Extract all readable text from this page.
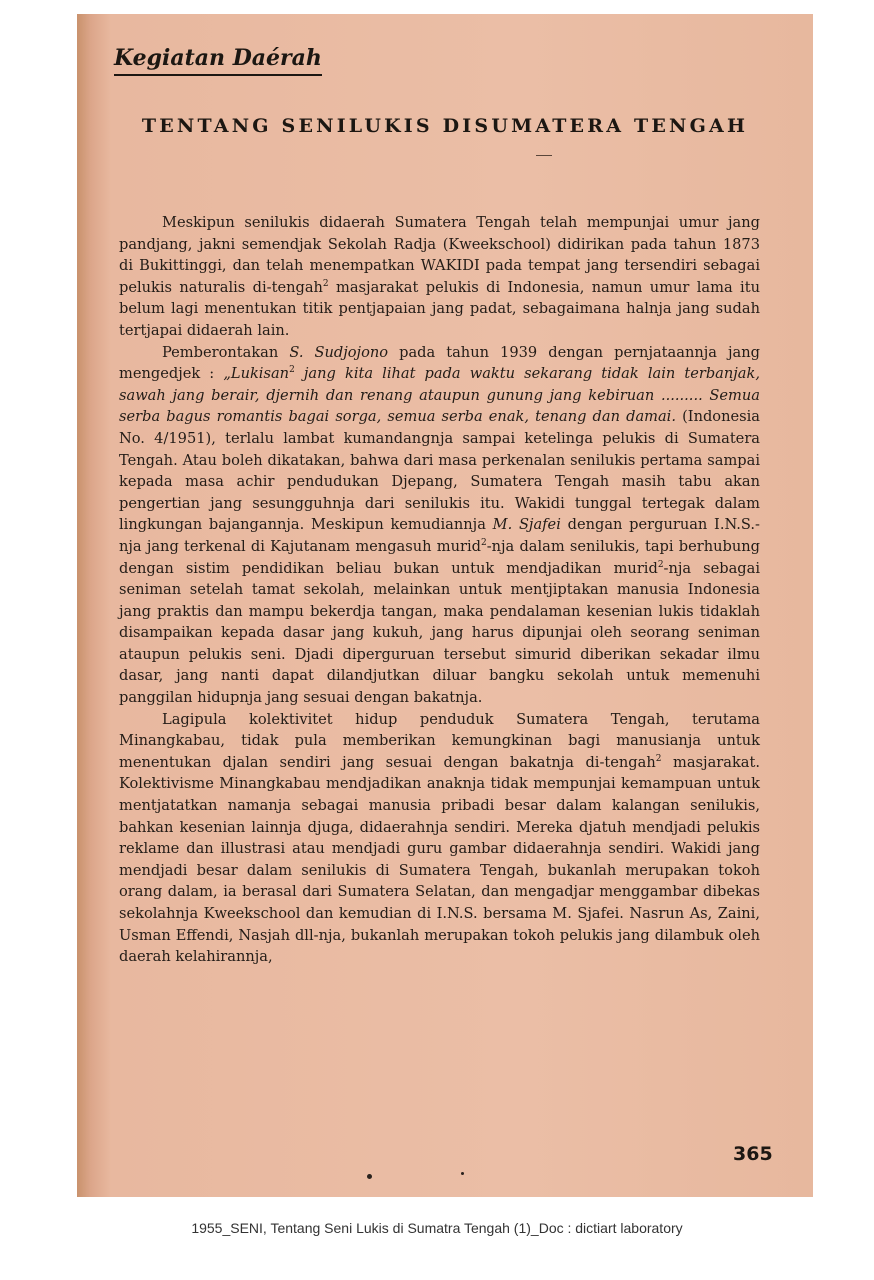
Kegiatan Daérah
TENTANG SENILUKIS DISUMATERA TENGAH

Meskipun senilukis didaerah Sumatera Tengah telah mempunjai umur jang pandjang, jakni semendjak Sekolah Radja (Kweekschool) didirikan pada tahun 1873 di Bukittinggi, dan telah menempatkan WAKIDI pada tempat jang tersendiri sebagai pelukis naturalis di-tengah$^2$ masjarakat pelukis di Indonesia, namun umur lama itu belum lagi menentukan titik pentjapaian jang padat, sebagaimana halnja jang sudah tertjapai didaerah lain.

Pemberontakan S. Sudjojono pada tahun 1939 dengan pernjataannja jang mengedjek : „Lukisan$^2$ jang kita lihat pada waktu sekarang tidak lain terbanjak, sawah jang berair, djernih dan renang ataupun gunung jang kebiruan ......... Semua serba bagus romantis bagai sorga, semua serba enak, tenang dan damai. (Indonesia No. 4/1951), terlalu lambat kumandangnja sampai ketelinga pelukis di Sumatera Tengah. Atau boleh dikatakan, bahwa dari masa perkenalan senilukis pertama sampai kepada masa achir pendudukan Djepang, Sumatera Tengah masih tabu akan pengertian jang sesungguhnja dari senilukis itu. Wakidi tunggal tertegak dalam lingkungan bajangannja. Meskipun kemudiannja M. Sjafei dengan perguruan I.N.S.-nja jang terkenal di Kajutanam mengasuh murid$^2$-nja dalam senilukis, tapi berhubung dengan sistim pendidikan beliau bukan untuk mendjadikan murid$^2$-nja sebagai seniman setelah tamat sekolah, melainkan untuk mentjiptakan manusia Indonesia jang praktis dan mampu bekerdja tangan, maka pendalaman kesenian lukis tidaklah disampaikan kepada dasar jang kukuh, jang harus dipunjai oleh seorang seniman ataupun pelukis seni. Djadi diperguruan tersebut simurid diberikan sekadar ilmu dasar, jang nanti dapat dilandjutkan diluar bangku sekolah untuk memenuhi panggilan hidupnja jang sesuai dengan bakatnja.

Lagipula kolektivitet hidup penduduk Sumatera Tengah, terutama Minangkabau, tidak pula memberikan kemungkinan bagi manusianja untuk menentukan djalan sendiri jang sesuai dengan bakatnja di-tengah$^2$ masjarakat. Kolektivisme Minangkabau mendjadikan anaknja tidak mempunjai kemampuan untuk mentjatatkan namanja sebagai manusia pribadi besar dalam kalangan senilukis, bahkan kesenian lainnja djuga, didaerahnja sendiri. Mereka djatuh mendjadi pelukis reklame dan illustrasi atau mendjadi guru gambar didaerahnja sendiri. Wakidi jang mendjadi besar dalam senilukis di Sumatera Tengah, bukanlah merupakan tokoh orang dalam, ia berasal dari Sumatera Selatan, dan mengadjar menggambar dibekas sekolahnja Kweekschool dan kemudian di I.N.S. bersama M. Sjafei. Nasrun As, Zaini, Usman Effendi, Nasjah dll-nja, bukanlah merupakan tokoh pelukis jang dilambuk oleh daerah kelahirannja,

365
1955_SENI, Tentang Seni Lukis di Sumatra Tengah (1)_Doc : dictiart laboratory
